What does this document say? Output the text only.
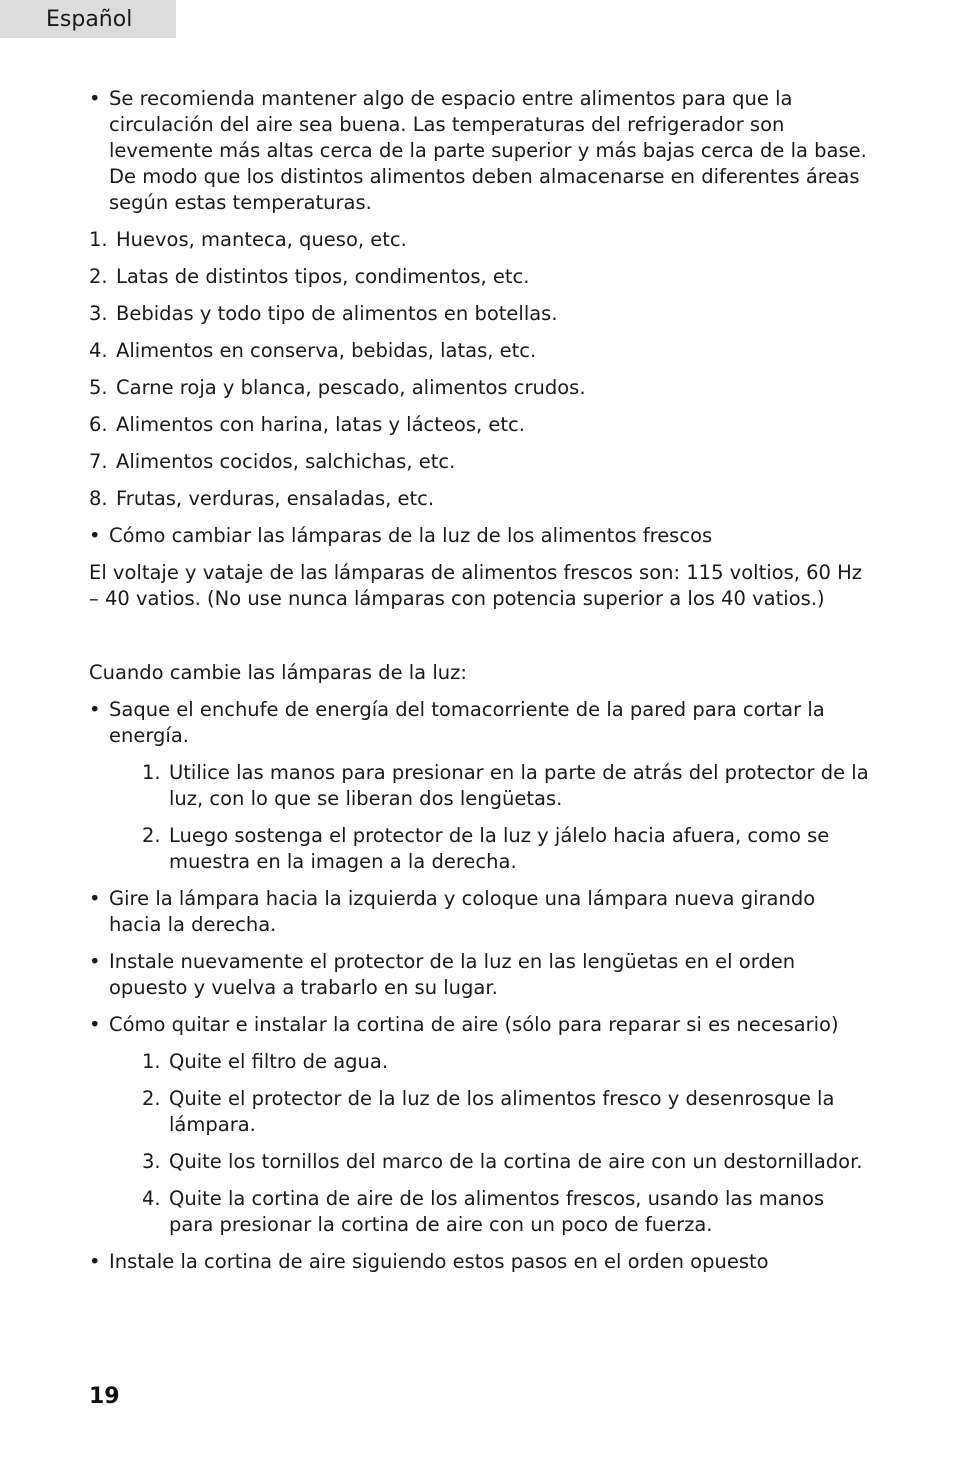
Español
• Se recomienda mantener algo de espacio entre alimentos para que la circulación del aire sea buena. Las temperaturas del refrigerador son levemente más altas cerca de la parte superior y más bajas cerca de la base. De modo que los distintos alimentos deben almacenarse en diferentes áreas según estas temperaturas.
1. Huevos, manteca, queso, etc.
2. Latas de distintos tipos, condimentos, etc.
3. Bebidas y todo tipo de alimentos en botellas.
4. Alimentos en conserva, bebidas, latas, etc.
5. Carne roja y blanca, pescado, alimentos crudos.
6. Alimentos con harina, latas y lácteos, etc.
7. Alimentos cocidos, salchichas, etc.
8. Frutas, verduras, ensaladas, etc.
• Cómo cambiar las lámparas de la luz de los alimentos frescos
El voltaje y vataje de las lámparas de alimentos frescos son: 115 voltios, 60 Hz – 40 vatios. (No use nunca lámparas con potencia superior a los 40 vatios.)
Cuando cambie las lámparas de la luz:
• Saque el enchufe de energía del tomacorriente de la pared para cortar la energía.
1. Utilice las manos para presionar en la parte de atrás del protector de la luz, con lo que se liberan dos lengüetas.
2. Luego sostenga el protector de la luz y jálelo hacia afuera, como se muestra en la imagen a la derecha.
• Gire la lámpara hacia la izquierda y coloque una lámpara nueva girando hacia la derecha.
• Instale nuevamente el protector de la luz en las lengüetas en el orden opuesto y vuelva a trabarlo en su lugar.
• Cómo quitar e instalar la cortina de aire (sólo para reparar si es necesario)
1. Quite el filtro de agua.
2. Quite el protector de la luz de los alimentos fresco y desenrosque la lámpara.
3. Quite los tornillos del marco de la cortina de aire con un destornillador.
4. Quite la cortina de aire de los alimentos frescos, usando las manos para presionar la cortina de aire con un poco de fuerza.
• Instale la cortina de aire siguiendo estos pasos en el orden opuesto
19
